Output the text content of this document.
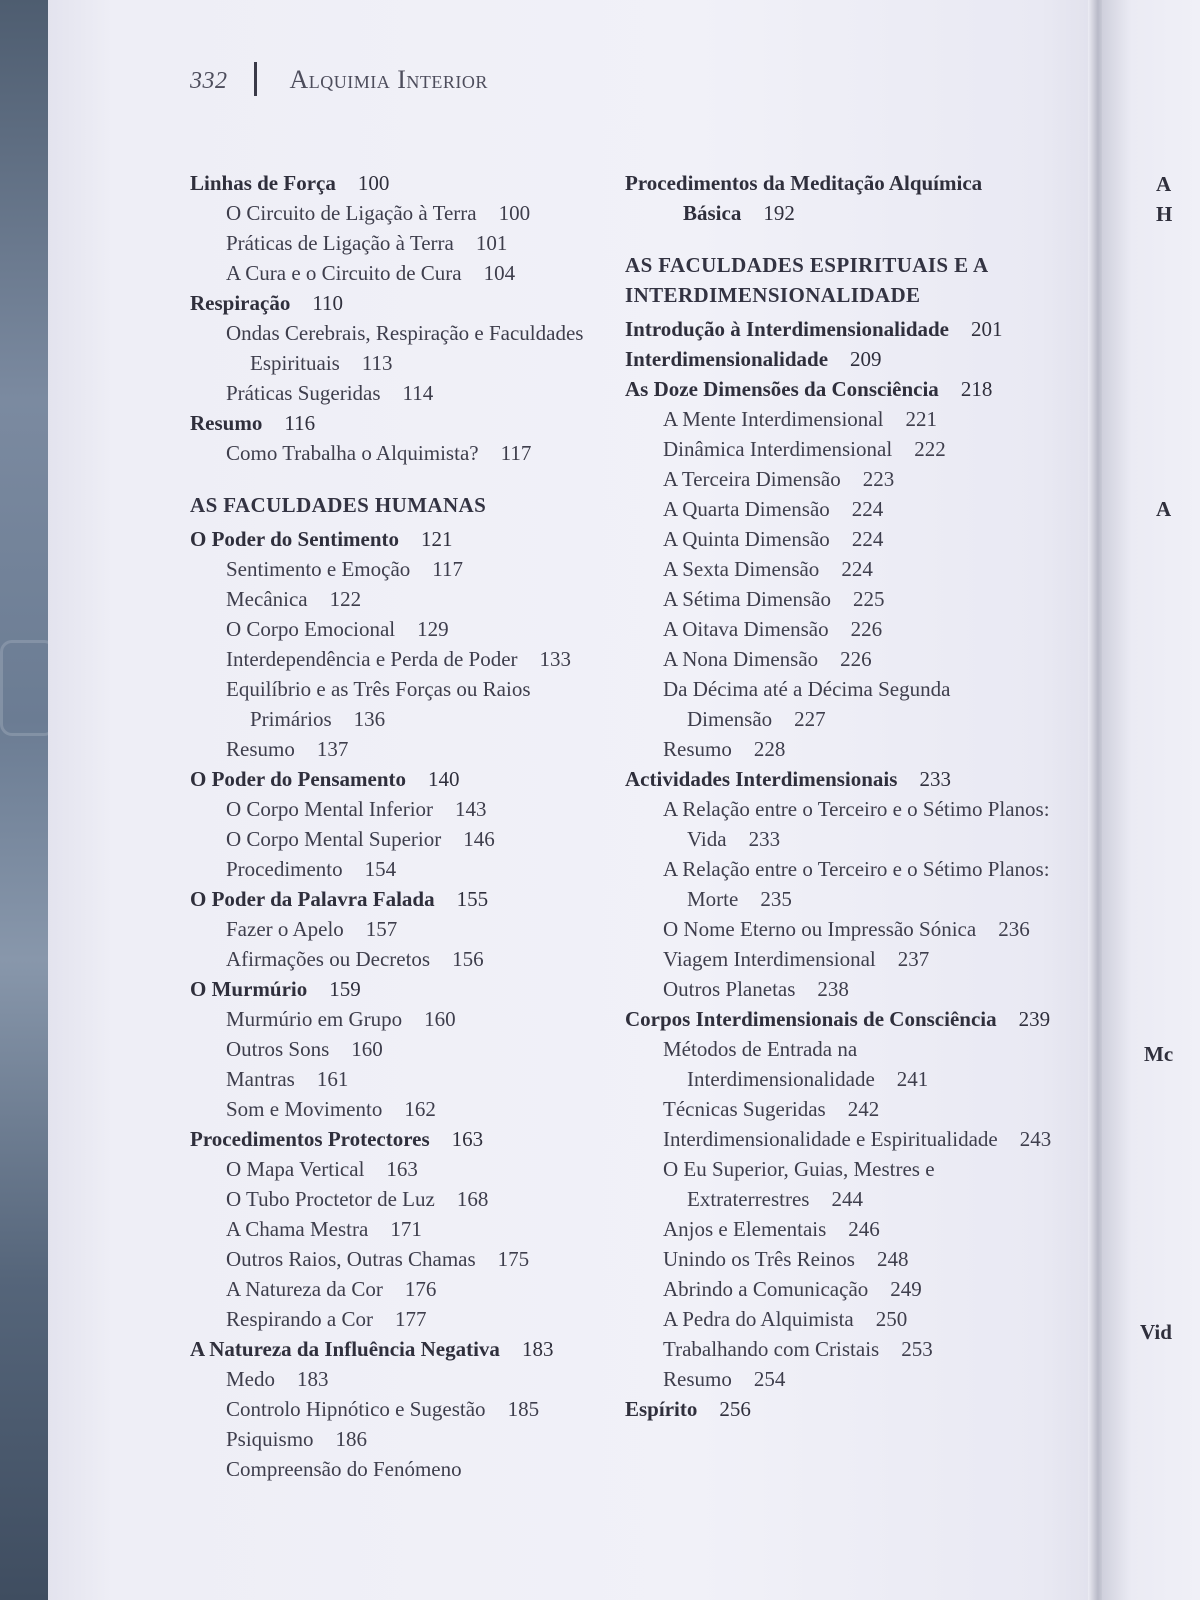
332 Alquimia Interior
Linhas de Força 100
O Circuito de Ligação à Terra 100
Práticas de Ligação à Terra 101
A Cura e o Circuito de Cura 104
Respiração 110
Ondas Cerebrais, Respiração e Faculdades Espirituais 113
Práticas Sugeridas 114
Resumo 116
Como Trabalha o Alquimista? 117
AS FACULDADES HUMANAS
O Poder do Sentimento 121
Sentimento e Emoção 117
Mecânica 122
O Corpo Emocional 129
Interdependência e Perda de Poder 133
Equilíbrio e as Três Forças ou Raios Primários 136
Resumo 137
O Poder do Pensamento 140
O Corpo Mental Inferior 143
O Corpo Mental Superior 146
Procedimento 154
O Poder da Palavra Falada 155
Fazer o Apelo 157
Afirmações ou Decretos 156
O Murmúrio 159
Murmúrio em Grupo 160
Outros Sons 160
Mantras 161
Som e Movimento 162
Procedimentos Protectores 163
O Mapa Vertical 163
O Tubo Proctetor de Luz 168
A Chama Mestra 171
Outros Raios, Outras Chamas 175
A Natureza da Cor 176
Respirando a Cor 177
A Natureza da Influência Negativa 183
Medo 183
Controlo Hipnótico e Sugestão 185
Psiquismo 186
Compreensão do Fenómeno
Procedimentos da Meditação Alquímica Básica 192
AS FACULDADES ESPIRITUAIS E A INTERDIMENSIONALIDADE
Introdução à Interdimensionalidade 201
Interdimensionalidade 209
As Doze Dimensões da Consciência 218
A Mente Interdimensional 221
Dinâmica Interdimensional 222
A Terceira Dimensão 223
A Quarta Dimensão 224
A Quinta Dimensão 224
A Sexta Dimensão 224
A Sétima Dimensão 225
A Oitava Dimensão 226
A Nona Dimensão 226
Da Décima até a Décima Segunda Dimensão 227
Resumo 228
Actividades Interdimensionais 233
A Relação entre o Terceiro e o Sétimo Planos: Vida 233
A Relação entre o Terceiro e o Sétimo Planos: Morte 235
O Nome Eterno ou Impressão Sónica 236
Viagem Interdimensional 237
Outros Planetas 238
Corpos Interdimensionais de Consciência 239
Métodos de Entrada na Interdimensionalidade 241
Técnicas Sugeridas 242
Interdimensionalidade e Espiritualidade 243
O Eu Superior, Guias, Mestres e Extraterrestres 244
Anjos e Elementais 246
Unindo os Três Reinos 248
Abrindo a Comunicação 249
A Pedra do Alquimista 250
Trabalhando com Cristais 253
Resumo 254
Espírito 256
A
H
A
Mc
Vid
